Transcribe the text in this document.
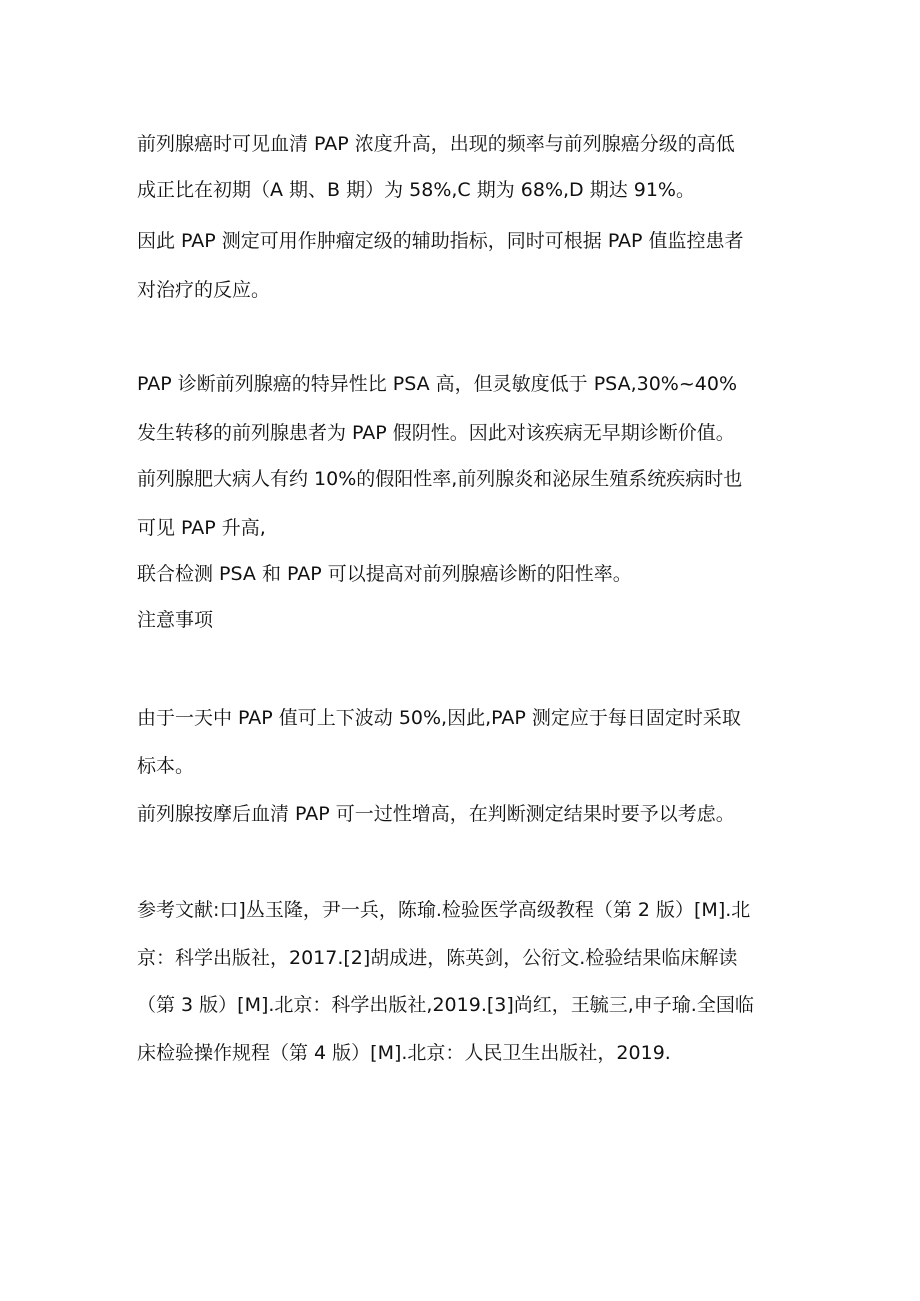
前列腺癌时可见血清 PAP 浓度升高，出现的频率与前列腺癌分级的高低
成正比在初期（A 期、B 期）为 58%,C 期为 68%,D 期达 91%。
因此 PAP 测定可用作肿瘤定级的辅助指标，同时可根据 PAP 值监控患者
对治疗的反应。
PAP 诊断前列腺癌的特异性比 PSA 高，但灵敏度低于 PSA,30%~40%
发生转移的前列腺患者为 PAP 假阴性。因此对该疾病无早期诊断价值。
前列腺肥大病人有约 10%的假阳性率,前列腺炎和泌尿生殖系统疾病时也
可见 PAP 升高,
联合检测 PSA 和 PAP 可以提高对前列腺癌诊断的阳性率。
注意事项
由于一天中 PAP 值可上下波动 50%,因此,PAP 测定应于每日固定时采取
标本。
前列腺按摩后血清 PAP 可一过性增高，在判断测定结果时要予以考虑。
参考文献:口]丛玉隆，尹一兵，陈瑜.检验医学高级教程（第 2 版）[M].北
京：科学出版社，2017.[2]胡成进，陈英剑，公衍文.检验结果临床解读
（第 3 版）[M].北京：科学出版社,2019.[3]尚红，王毓三,申子瑜.全国临
床检验操作规程（第 4 版）[M].北京：人民卫生出版社，2019.
